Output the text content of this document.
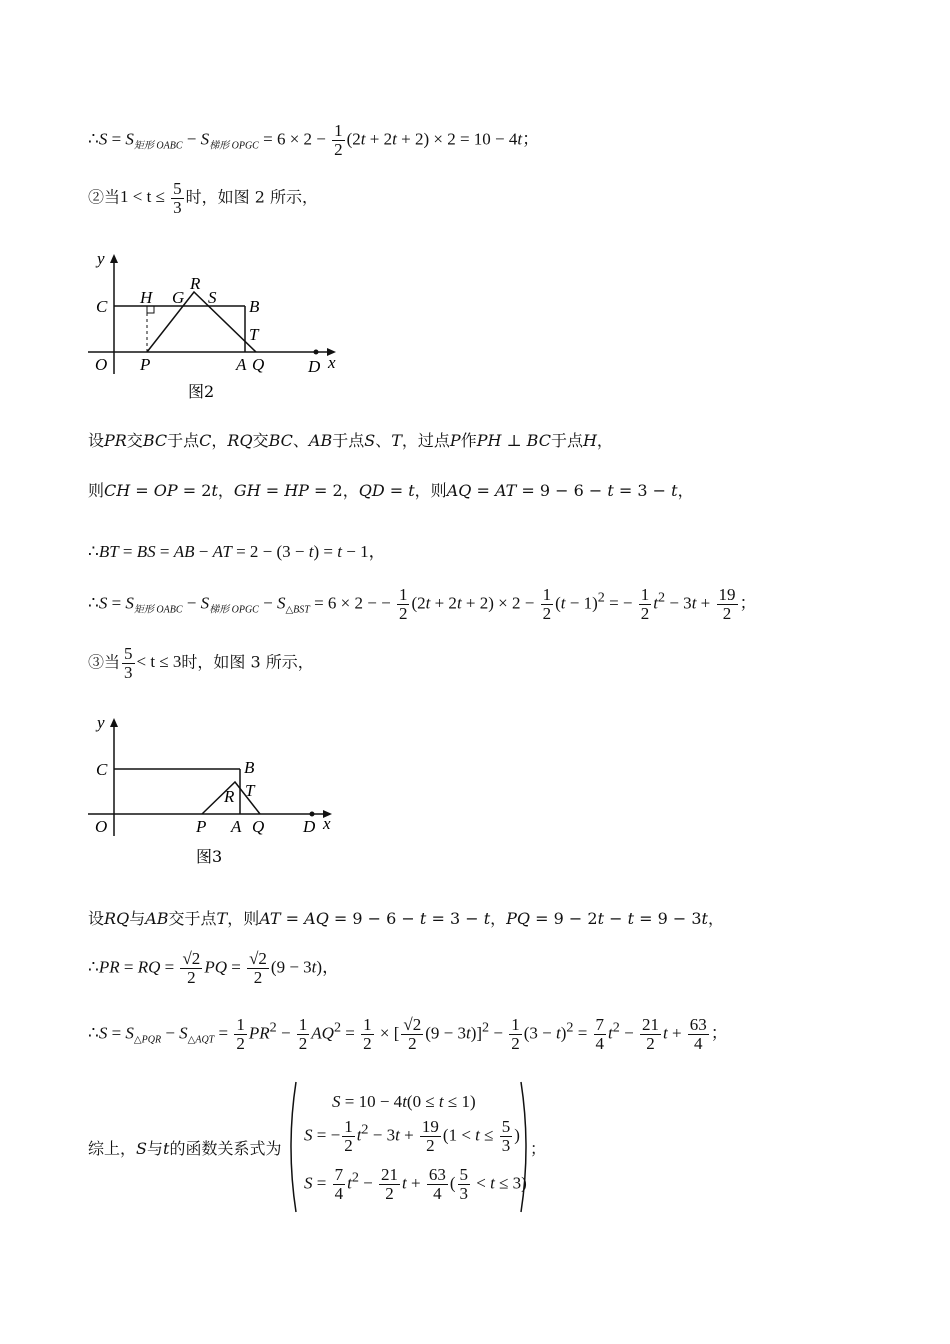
∴S = $S_{矩形 OABC} - S_{梯形 OPGC} = 6 \times 2 - \frac{1}{2} (2t + 2t + 2) \times 2 = 10 - 4t$；
②当$1 < t \le \frac{5}{3}$ 时，如图 2 所示，
y
C H G
R
S B
T
O P	A Q	D x
图2
设PR交BC于点C，RQ交BC、AB于点S、T，过点P作PH ⊥ BC于点H，
则CH = OP = 2t，GH = HP = 2，QD = t，则AQ = AT = 9 − 6 − t = 3 − t，
∴BT = BS = AB − AT = 2 − (3 − t) = t − 1，
∴S = $S_{矩形 OABC} - S_{梯形 OPGC} - S_{\triangle BST} = 6 \times 2$ − − $\frac{1}{2} (2t + 2t + 2) \times 2 - \frac{1}{2} (t - 1)^2$ = − $\frac{1}{2} t^2 - 3t + \frac{19}{2}$ ；
③当 $\frac{5}{3} < t \le 3$时，如图 3 所示，
y
C	B
R T
O	P A Q D x
图3
设RQ与AB交于点T，则AT = AQ = 9 − 6 − t = 3 − t，PQ = 9 − 2t − t = 9 − 3t，
∴PR = RQ = $\frac{√2}{2}$ PQ = $\frac{√2}{2} (9 - 3t)$，
∴S = $S_{\triangle PQR} - S_{\triangle AQT} = \frac{1}{2} PR^2 - \frac{1}{2} AQ^2 = \frac{1}{2}$ × [ $\frac{√2}{2} (9 - 3t)]^2 - \frac{1}{2} (3 - t)^2 = \frac{7}{4} t^2 - \frac{21}{2}$ $t + \frac{63}{4}$ ；
综上，S与t的函数关系式为
S = 10 − 4t(0 ≤ t ≤ 1)
S = − $\frac{1}{2} t^2 - 3t + \frac{19}{2} (1 < t \le \frac{5}{3}$ )
$S = \frac{7}{4} t^2 - \frac{21}{2}$ $t + \frac{63}{4}$ ( $\frac{5}{3} < t \le 3$)
；
